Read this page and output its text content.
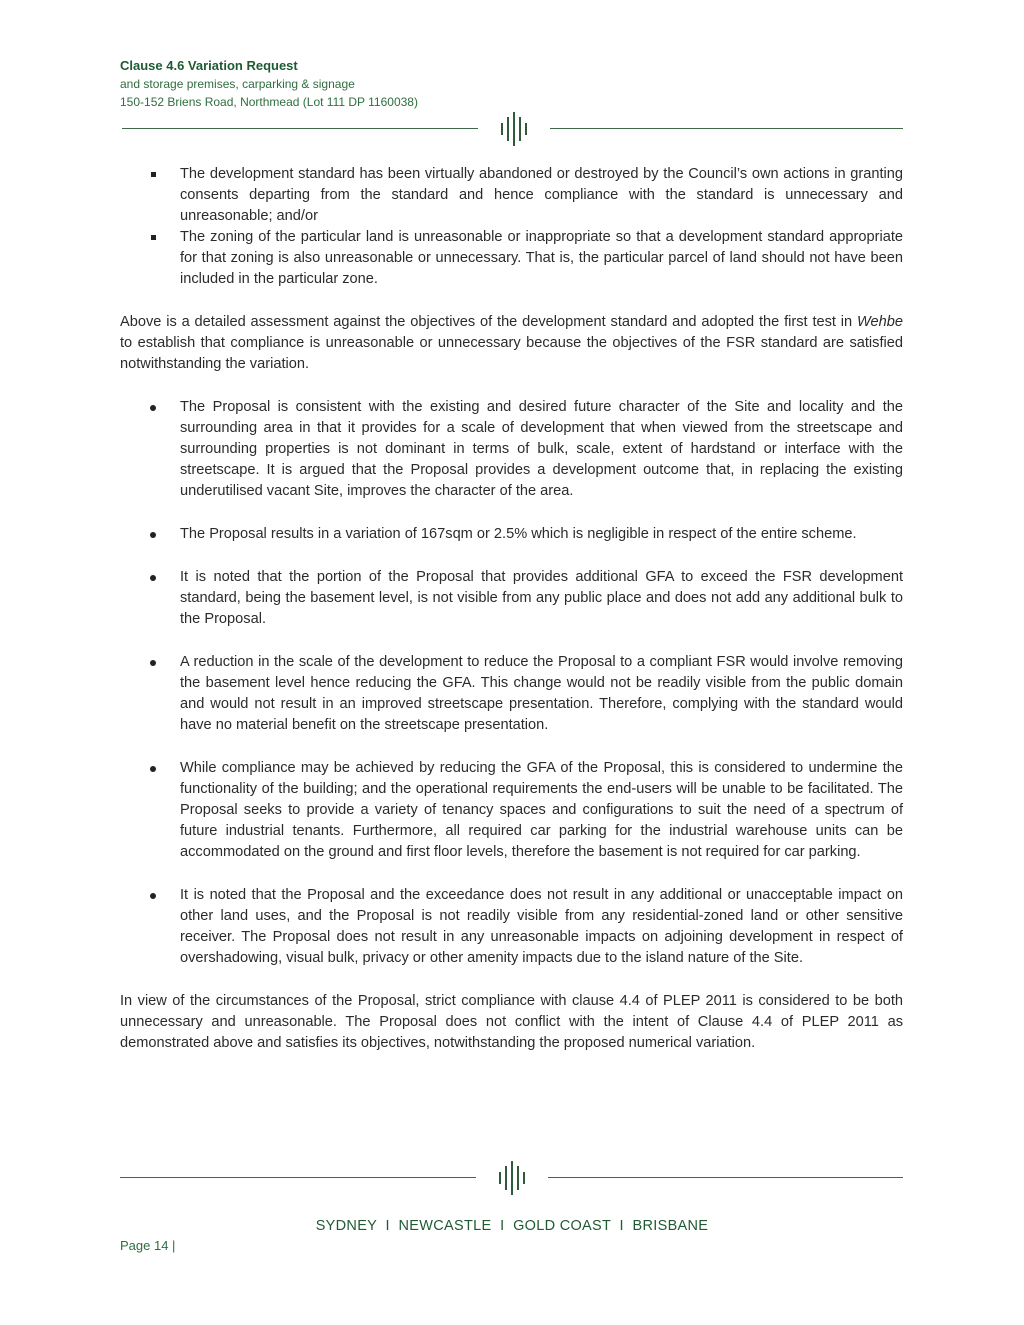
Clause 4.6 Variation Request
and storage premises, carparking & signage
150-152 Briens Road, Northmead (Lot 111 DP 1160038)
The development standard has been virtually abandoned or destroyed by the Council’s own actions in granting consents departing from the standard and hence compliance with the standard is unnecessary and unreasonable; and/or
The zoning of the particular land is unreasonable or inappropriate so that a development standard appropriate for that zoning is also unreasonable or unnecessary. That is, the particular parcel of land should not have been included in the particular zone.

Above is a detailed assessment against the objectives of the development standard and adopted the first test in Wehbe to establish that compliance is unreasonable or unnecessary because the objectives of the FSR standard are satisfied notwithstanding the variation.

The Proposal is consistent with the existing and desired future character of the Site and locality and the surrounding area in that it provides for a scale of development that when viewed from the streetscape and surrounding properties is not dominant in terms of bulk, scale, extent of hardstand or interface with the streetscape. It is argued that the Proposal provides a development outcome that, in replacing the existing underutilised vacant Site, improves the character of the area.
The Proposal results in a variation of 167sqm or 2.5% which is negligible in respect of the entire scheme.
It is noted that the portion of the Proposal that provides additional GFA to exceed the FSR development standard, being the basement level, is not visible from any public place and does not add any additional bulk to the Proposal.
A reduction in the scale of the development to reduce the Proposal to a compliant FSR would involve removing the basement level hence reducing the GFA. This change would not be readily visible from the public domain and would not result in an improved streetscape presentation. Therefore, complying with the standard would have no material benefit on the streetscape presentation.
While compliance may be achieved by reducing the GFA of the Proposal, this is considered to undermine the functionality of the building; and the operational requirements the end-users will be unable to be facilitated. The Proposal seeks to provide a variety of tenancy spaces and configurations to suit the need of a spectrum of future industrial tenants. Furthermore, all required car parking for the industrial warehouse units can be accommodated on the ground and first floor levels, therefore the basement is not required for car parking.
It is noted that the Proposal and the exceedance does not result in any additional or unacceptable impact on other land uses, and the Proposal is not readily visible from any residential-zoned land or other sensitive receiver. The Proposal does not result in any unreasonable impacts on adjoining development in respect of overshadowing, visual bulk, privacy or other amenity impacts due to the island nature of the Site.

In view of the circumstances of the Proposal, strict compliance with clause 4.4 of PLEP 2011 is considered to be both unnecessary and unreasonable. The Proposal does not conflict with the intent of Clause 4.4 of PLEP 2011 as demonstrated above and satisfies its objectives, notwithstanding the proposed numerical variation.

SYDNEY  I  NEWCASTLE  I  GOLD COAST  I  BRISBANE
Page 14 |
